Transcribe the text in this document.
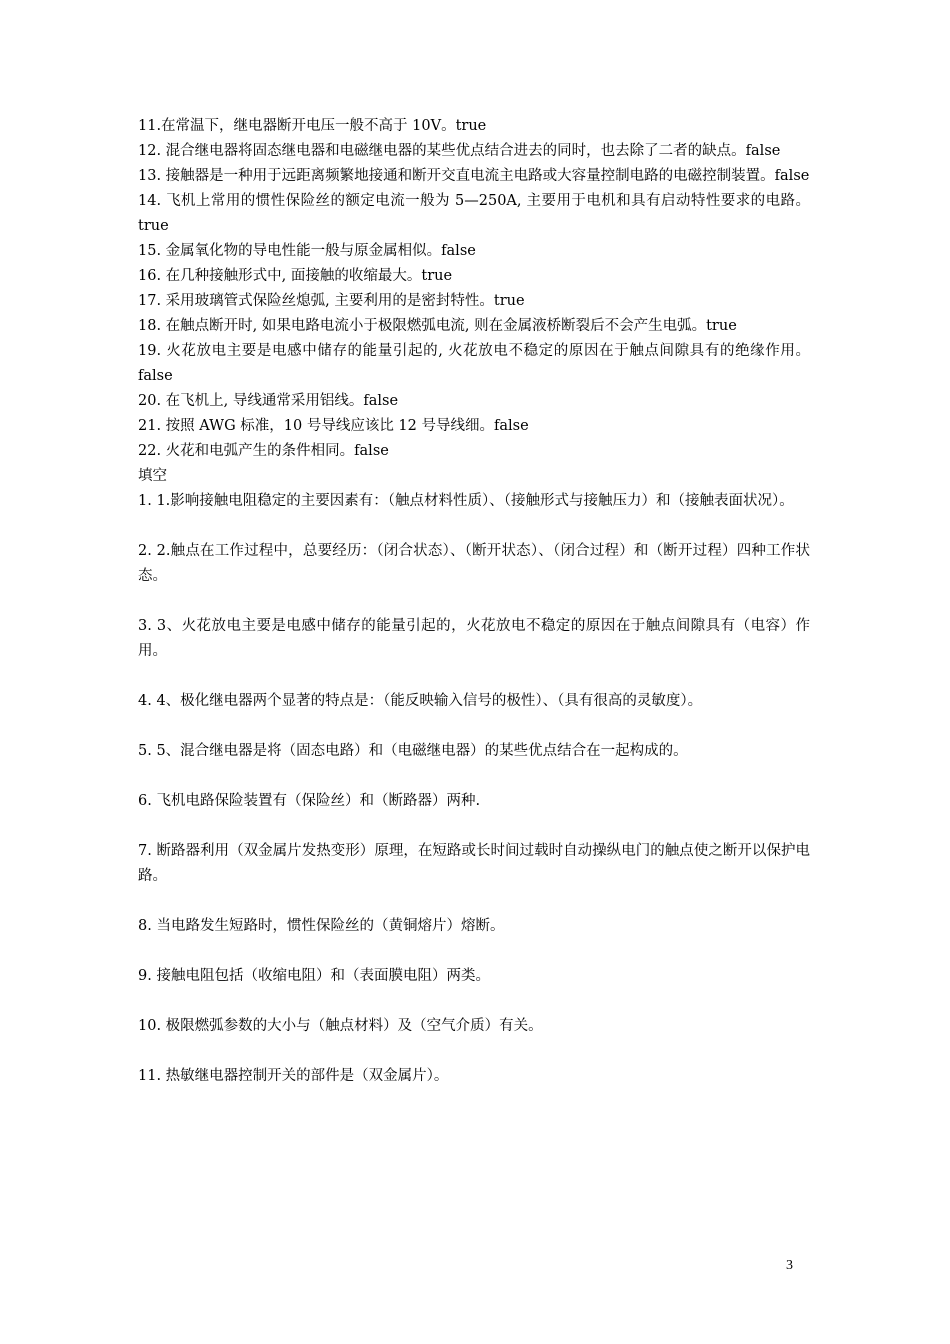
11.在常温下，继电器断开电压一般不高于 10V。true

12. 混合继电器将固态继电器和电磁继电器的某些优点结合进去的同时，也去除了二者的缺点。false

13. 接触器是一种用于远距离频繁地接通和断开交直电流主电路或大容量控制电路的电磁控制装置。false

14. 飞机上常用的惯性保险丝的额定电流一般为 5—250A, 主要用于电机和具有启动特性要求的电路。true

15. 金属氧化物的导电性能一般与原金属相似。false

16. 在几种接触形式中, 面接触的收缩最大。true

17. 采用玻璃管式保险丝熄弧, 主要利用的是密封特性。true

18. 在触点断开时, 如果电路电流小于极限燃弧电流, 则在金属液桥断裂后不会产生电弧。true

19. 火花放电主要是电感中储存的能量引起的, 火花放电不稳定的原因在于触点间隙具有的绝缘作用。false

20. 在飞机上, 导线通常采用铝线。false

21. 按照 AWG 标准，10 号导线应该比 12 号导线细。false

22. 火花和电弧产生的条件相同。false

填空

1. 1.影响接触电阻稳定的主要因素有：（触点材料性质）、（接触形式与接触压力）和（接触表面状况）。

2. 2.触点在工作过程中，总要经历：（闭合状态）、（断开状态）、（闭合过程）和（断开过程）四种工作状态。

3. 3、火花放电主要是电感中储存的能量引起的，火花放电不稳定的原因在于触点间隙具有（电容）作用。

4. 4、极化继电器两个显著的特点是：（能反映输入信号的极性）、（具有很高的灵敏度）。

5. 5、混合继电器是将（固态电路）和（电磁继电器）的某些优点结合在一起构成的。

6. 飞机电路保险装置有（保险丝）和（断路器）两种.

7. 断路器利用（双金属片发热变形）原理，在短路或长时间过载时自动操纵电门的触点使之断开以保护电路。

8. 当电路发生短路时，惯性保险丝的（黄铜熔片）熔断。

9. 接触电阻包括（收缩电阻）和（表面膜电阻）两类。

10. 极限燃弧参数的大小与（触点材料）及（空气介质）有关。

11. 热敏继电器控制开关的部件是（双金属片）。

3
